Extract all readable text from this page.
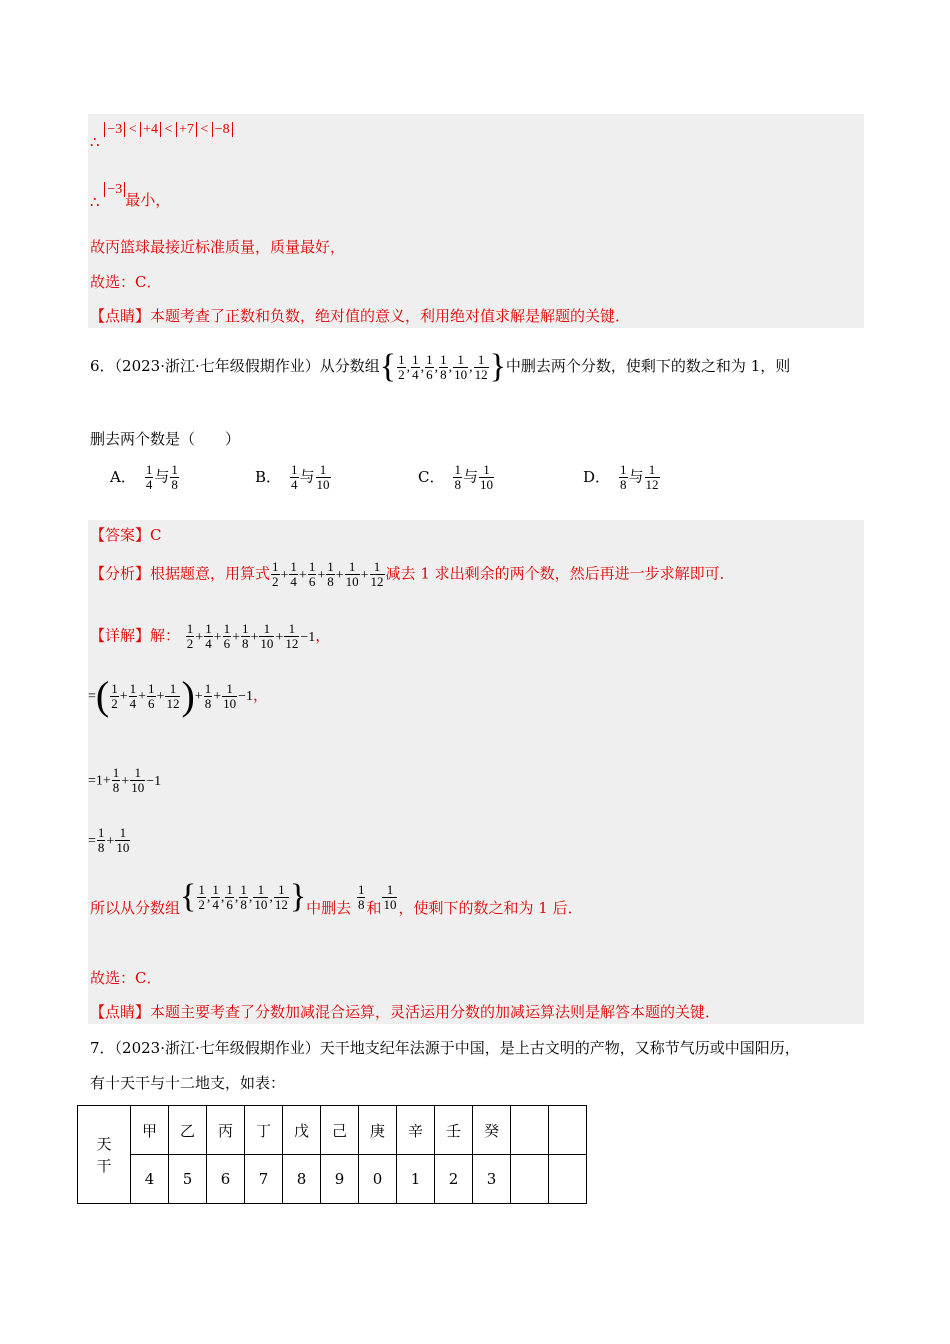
∴ −3 < +4 < +7 < −8
∴ −3最小，
故丙篮球最接近标准质量，质量最好，
故选：C．
【点睛】本题考查了正数和负数，绝对值的意义，利用绝对值求解是解题的关键．
6．（2023·浙江·七年级假期作业）从分数组{ $\frac{1}{2}$ , $\frac{1}{4}$ , $\frac{1}{6}$ , $\frac{1}{8}$ , $\frac{1}{10}$ , $\frac{1}{12}$ }中删去两个分数，使剩下的数之和为 1，则
删去两个数是（　　）
A． $\frac{1}{4}$ 与 $\frac{1}{8}$	B． $\frac{1}{4}$ 与 $\frac{1}{10}$	C． $\frac{1}{8}$ 与 $\frac{1}{10}$	D． $\frac{1}{8}$ 与 $\frac{1}{12}$
【答案】C
【分析】根据题意，用算式 $\frac{1}{2} + \frac{1}{4} + \frac{1}{6} + \frac{1}{8} + \frac{1}{10} + \frac{1}{12}$ 减去 1 求出剩余的两个数，然后再进一步求解即可．
【详解】解： $\frac{1}{2} + \frac{1}{4} + \frac{1}{6} + \frac{1}{8} + \frac{1}{10} + \frac{1}{12} -1$，
=( $\frac{1}{2} + \frac{1}{4} + \frac{1}{6} + \frac{1}{12}$ )+ $\frac{1}{8} + \frac{1}{10} -1$，
$=1+ \frac{1}{8} + \frac{1}{10} -1$
= $\frac{1}{8} + \frac{1}{10}$
所以从分数组{ $\frac{1}{2}$ , $\frac{1}{4}$ , $\frac{1}{6}$ , $\frac{1}{8}$ , $\frac{1}{10}$ , $\frac{1}{12}$ }中删去 $\frac{1}{8}$ 和 $\frac{1}{10}$ ，使剩下的数之和为 1 后．
故选：C．
【点睛】本题主要考查了分数加减混合运算，灵活运用分数的加减运算法则是解答本题的关键．
7．（2023·浙江·七年级假期作业）天干地支纪年法源于中国，是上古文明的产物，又称节气历或中国阳历，
有十天干与十二地支，如表：
天干	甲	乙	丙	丁	戊	己	庚	辛	壬	癸		
	4	5	6	7	8	9	0	1	2	3		
